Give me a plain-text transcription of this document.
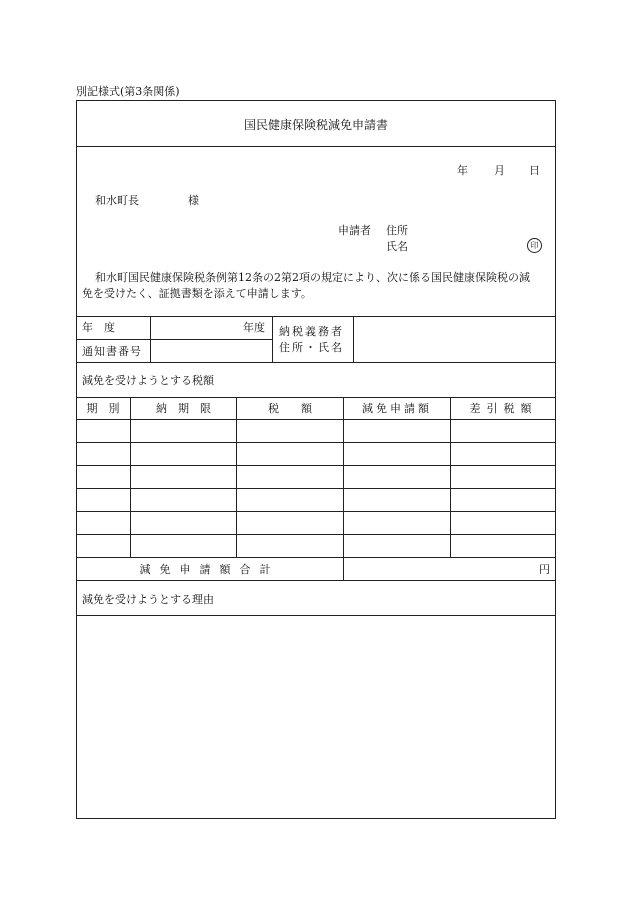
別記様式(第3条関係)
国民健康保険税減免申請書
年 月 日
和水町長	様
申請者 住所
氏名	印
和水町国民健康保険税条例第12条の2第2項の規定により、次に係る国民健康保険税の減
免を受けたく、証拠書類を添えて申請します。
年　度	年度
通知書番号
納税義務者
住所・氏名
減免を受けようとする税額
期　別	納　期　限	税　　額	減免申請額	差引税額
減免申請額合計	円
減免を受けようとする理由
